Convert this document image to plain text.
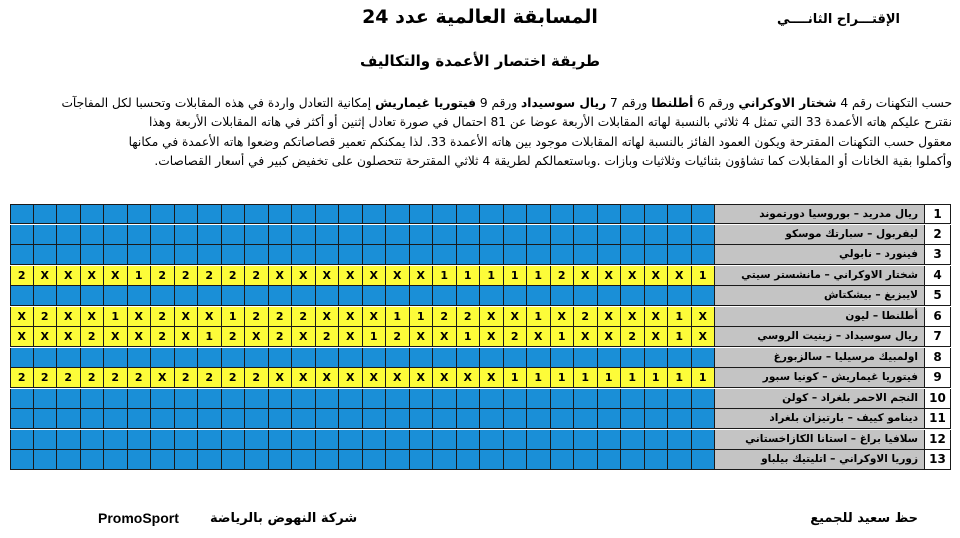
المسابقة العالمية عدد 24	الإقتـــراح الثانــــي
طريقة اختصار الأعمدة والتكاليف
حسب التكهنات رقم 4 شختار الاوكراني ورقم 6 أطلنطا ورقم 7 ريال سوسيداد ورقم 9 فيتوريا غيماريش إمكانية التعادل واردة في هذه المقابلات وتحسبا لكل المفاجآت
نقترح عليكم هاته الأعمدة 33 التي تمثل 4 ثلاثي بالنسبة لهاته المقابلات الأربعة عوضا عن 81 احتمال في صورة تعادل إثنين أو أكثر في هاته المقابلات الأربعة وهذا
معقول حسب التكهنات المقترحة ويكون العمود الفائز بالنسبة لهاته المقابلات موجود بين هاته الأعمدة 33. لذا يمكنكم تعمير قصاصاتكم وضعوا هاته الأعمدة في مكانها
وأكملوا بقية الخانات أو المقابلات كما تشاؤون بثنائيات وثلاثيات وبازات .وباستعمالكم لطريقة 4 ثلاثي المقترحة تتحصلون على تخفيض كبير في أسعار القصاصات.
ريال مدريد – بوروسيا دورتموند	1
ليفربول – سبارتك موسكو	2
فينورد – نابولي	3
2	X	X	X	X	1	2	2	2	2	2	X	X	X	X	X	X	X	1	1	1	1	1	2	X	X	X	X	X	1	شختار الاوكراني – مانشستر سيتي	4
لايبزيغ – بيشكتاش	5
X	2	X	X	1	X	2	X	X	1	2	2	2	X	X	X	1	1	2	2	X	X	1	X	2	X	X	X	1	X	أطلنطا – ليون	6
X	X	X	2	X	X	2	X	1	2	X	2	X	2	X	1	2	X	X	1	X	2	X	1	X	X	2	X	1	X	ريال سوسيداد – زينيت الروسي	7
اولمبيك مرسيليا – سالزبورغ	8
2	2	2	2	2	2	X	2	2	2	2	X	X	X	X	X	X	X	X	X	X	1	1	1	1	1	1	1	1	1	فيتوريا غيماريش – كونيا سبور	9
النجم الاحمر بلغراد – كولن 10
دينامو كييف – بارتيزان بلغراد 11
سلافيا براغ – استانا الكازاخستاني 12
زوريا الاوكراني – اتليتيك بيلباو 13
PromoSport شركة النهوض بالرياضة	حظ سعيد للجميع
